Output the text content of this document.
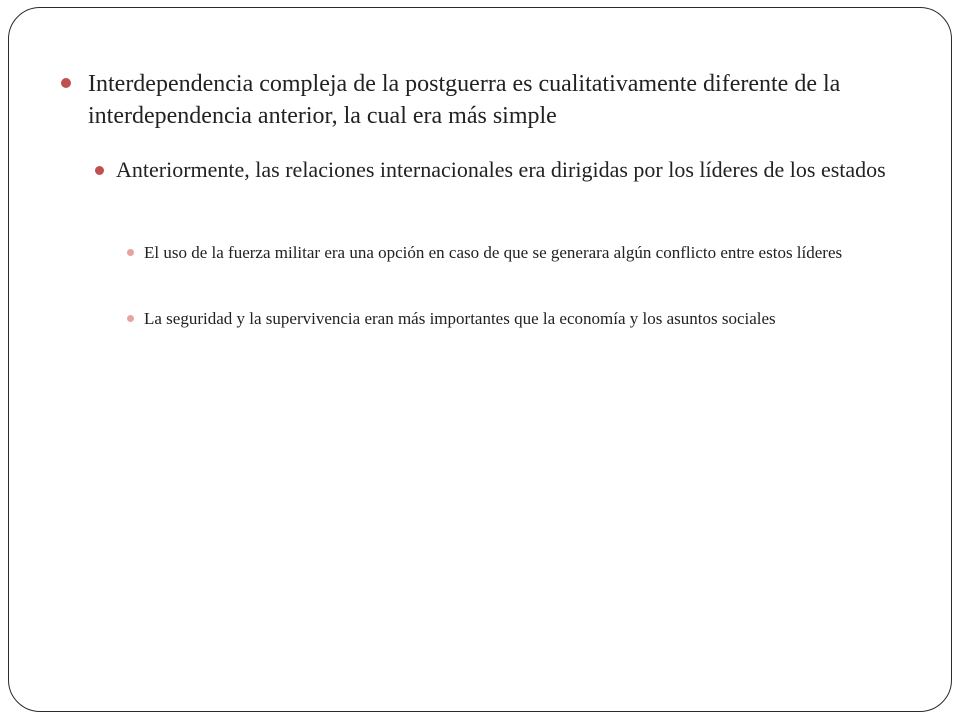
Interdependencia compleja de la postguerra es cualitativamente diferente de la interdependencia anterior, la cual era más simple

Anteriormente, las relaciones internacionales era dirigidas por los líderes de los estados

El uso de la fuerza militar era una opción en caso de que se generara algún conflicto entre estos líderes

La seguridad y la supervivencia eran más importantes que la economía y los asuntos sociales
